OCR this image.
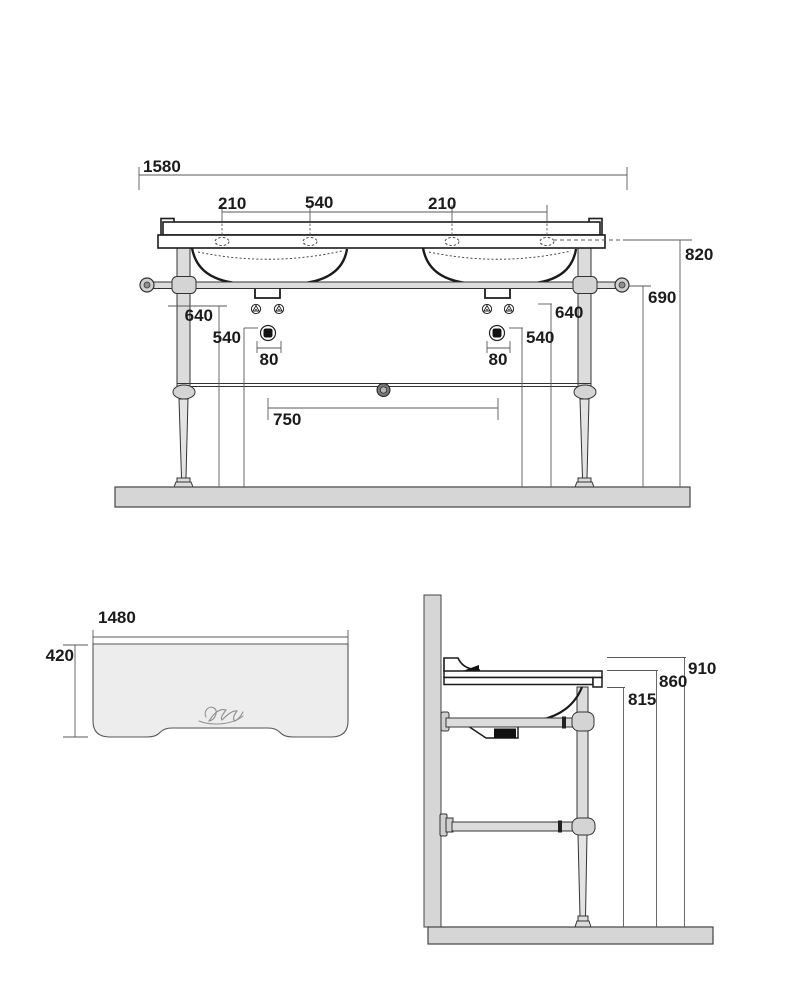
1580
210	540	210
820
690
640
540
80
640
540
80
750
1480
420
910
860
815
